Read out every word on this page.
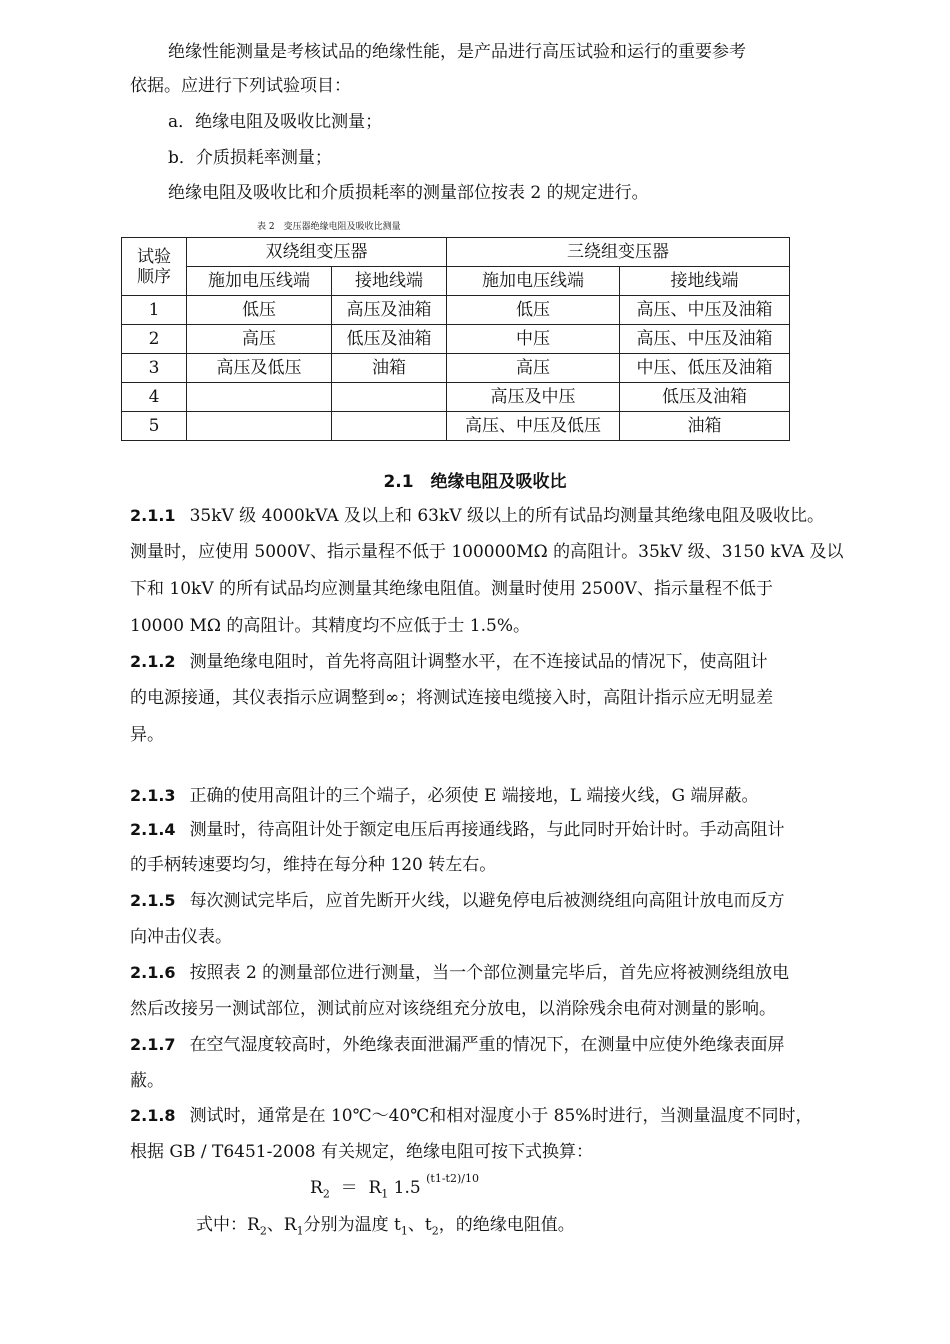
绝缘性能测量是考核试品的绝缘性能，是产品进行高压试验和运行的重要参考
依据。应进行下列试验项目：
a．绝缘电阻及吸收比测量；
b．介质损耗率测量；
绝缘电阻及吸收比和介质损耗率的测量部位按表 2 的规定进行。
表 2　变压器绝缘电阻及吸收比测量
试验
顺序	双绕组变压器		三绕组变压器	
	施加电压线端	接地线端	施加电压线端	接地线端
1	低压	高压及油箱	低压	高压、中压及油箱
2	高压	低压及油箱	中压	高压、中压及油箱
3	高压及低压	油箱	高压	中压、低压及油箱
4			高压及中压	低压及油箱
5			高压、中压及低压	油箱
2.1　绝缘电阻及吸收比
2.1.1 35kV 级 4000kVA 及以上和 63kV 级以上的所有试品均测量其绝缘电阻及吸收比。
测量时，应使用 5000V、指示量程不低于 100000MΩ 的高阻计。35kV 级、3150 kVA 及以
下和 10kV 的所有试品均应测量其绝缘电阻值。测量时使用 2500V、指示量程不低于
10000 MΩ 的高阻计。其精度均不应低于士 1.5%。
2.1.2 测量绝缘电阻时，首先将高阻计调整水平，在不连接试品的情况下，使高阻计
的电源接通，其仪表指示应调整到∞；将测试连接电缆接入时，高阻计指示应无明显差
异。
2.1.3 正确的使用高阻计的三个端子，必须使 E 端接地，L 端接火线，G 端屏蔽。
2.1.4 测量时，待高阻计处于额定电压后再接通线路，与此同时开始计时。手动高阻计
的手柄转速要均匀，维持在每分种 120 转左右。
2.1.5 每次测试完毕后，应首先断开火线，以避免停电后被测绕组向高阻计放电而反方
向冲击仪表。
2.1.6 按照表 2 的测量部位进行测量，当一个部位测量完毕后，首先应将被测绕组放电
然后改接另一测试部位，测试前应对该绕组充分放电，以消除残余电荷对测量的影响。
2.1.7 在空气湿度较高时，外绝缘表面泄漏严重的情况下，在测量中应使外绝缘表面屏
蔽。
2.1.8 测试时，通常是在 10℃～40℃和相对湿度小于 85%时进行，当测量温度不同时，
根据 GB / T6451-2008 有关规定，绝缘电阻可按下式换算：
$R_2 = R_1$ 1.5 $^{(t1-t2)/10}$
式中：$R_2$、$R_1$分别为温度 $t_1$、$t_2$，的绝缘电阻值。
